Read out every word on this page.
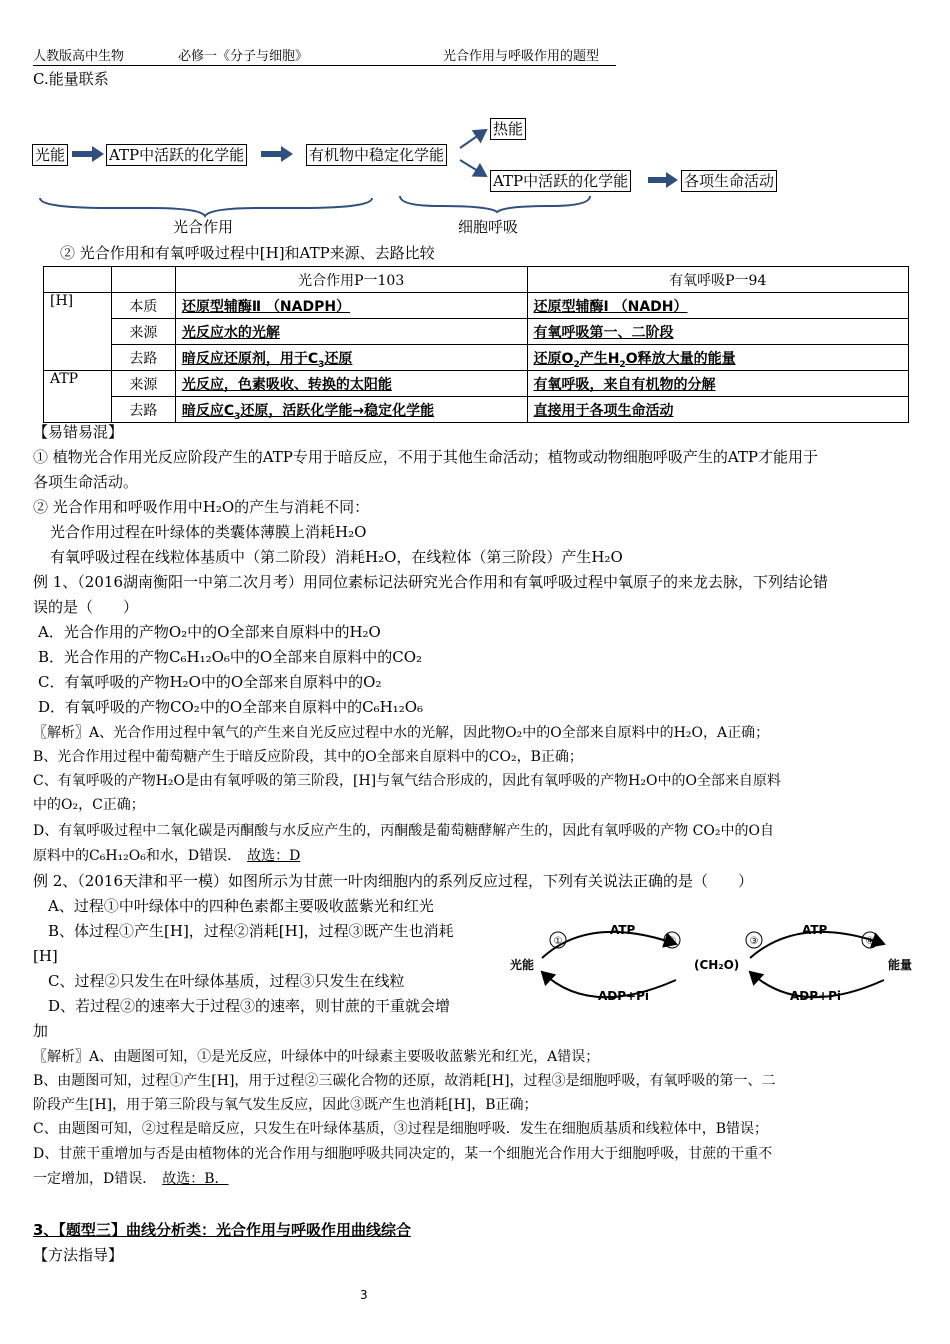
人教版高中生物	必修一《分子与细胞》	光合作用与呼吸作用的题型
C.能量联系
光能	ATP中活跃的化学能	有机物中稳定化学能
热能
ATP中活跃的化学能	各项生命活动
光合作用	细胞呼吸
② 光合作用和有氧呼吸过程中[H]和ATP来源、去路比较
		光合作用P一103	有氧呼吸P一94
[H]	本质	还原型辅酶Ⅱ （NADPH）	还原型辅酶Ⅰ （NADH）
	来源	光反应水的光解	有氧呼吸第一、二阶段
	去路	暗反应还原剂，用于$C_3$还原	还原$O_2$产生$H_2O$释放大量的能量
ATP	来源	光反应，色素吸收、转换的太阳能	有氧呼吸，来自有机物的分解
	去路	暗反应$C_3$还原，活跃化学能→稳定化学能	直接用于各项生命活动
【易错易混】
① 植物光合作用光反应阶段产生的ATP专用于暗反应，不用于其他生命活动；植物或动物细胞呼吸产生的ATP才能用于
各项生命活动。
② 光合作用和呼吸作用中H₂O的产生与消耗不同：
光合作用过程在叶绿体的类囊体薄膜上消耗H₂O
有氧呼吸过程在线粒体基质中（第二阶段）消耗H₂O，在线粒体（第三阶段）产生H₂O
例 1、（2016湖南衡阳一中第二次月考）用同位素标记法研究光合作用和有氧呼吸过程中氧原子的来龙去脉，下列结论错
误的是（　　）
A．光合作用的产物O₂中的O全部来自原料中的H₂O
B．光合作用的产物C₆H₁₂O₆中的O全部来自原料中的CO₂
C．有氧呼吸的产物H₂O中的O全部来自原料中的O₂
D．有氧呼吸的产物CO₂中的O全部来自原料中的C₆H₁₂O₆
〖解析〗A、光合作用过程中氧气的产生来自光反应过程中水的光解，因此物O₂中的O全部来自原料中的H₂O，A正确；
B、光合作用过程中葡萄糖产生于暗反应阶段，其中的O全部来自原料中的CO₂，B正确；
C、有氧呼吸的产物H₂O是由有氧呼吸的第三阶段，[H]与氧气结合形成的，因此有氧呼吸的产物H₂O中的O全部来自原料
中的O₂，C正确；
D、有氧呼吸过程中二氧化碳是丙酮酸与水反应产生的，丙酮酸是葡萄糖酵解产生的，因此有氧呼吸的产物 CO₂中的O自
原料中的C₆H₁₂O₆和水，D错误． 故选：D
例 2、（2016天津和平一模）如图所示为甘蔗一叶肉细胞内的系列反应过程，下列有关说法正确的是（　　）
A、过程①中叶绿体中的四种色素都主要吸收蓝紫光和红光
B、体过程①产生[H]，过程②消耗[H]，过程③既产生也消耗
[H]
C、过程②只发生在叶绿体基质，过程③只发生在线粒
D、若过程②的速率大于过程③的速率，则甘蔗的干重就会增
加
①	②	③	④
ATP	ATP
ADP+Pi	ADP+Pi
光能	(CH₂O)	能量
〖解析〗A、由题图可知，①是光反应，叶绿体中的叶绿素主要吸收蓝紫光和红光，A错误；
B、由题图可知，过程①产生[H]，用于过程②三碳化合物的还原，故消耗[H]，过程③是细胞呼吸，有氧呼吸的第一、二
阶段产生[H]，用于第三阶段与氧气发生反应，因此③既产生也消耗[H]，B正确；
C、由题图可知，②过程是暗反应，只发生在叶绿体基质，③过程是细胞呼吸．发生在细胞质基质和线粒体中，B错误；
D、甘蔗干重增加与否是由植物体的光合作用与细胞呼吸共同决定的，某一个细胞光合作用大于细胞呼吸，甘蔗的干重不
一定增加，D错误． 故选：B．
3、【题型三】曲线分析类：光合作用与呼吸作用曲线综合
【方法指导】
3
